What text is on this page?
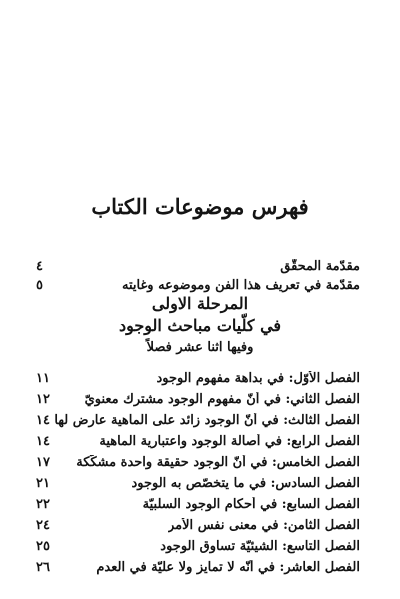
فهرس موضوعات الكتاب
مقدّمة المحقّق
٤
مقدّمة في تعريف هذا الفن وموضوعه وغايته
٥
المرحلة الاولى
في كلّيات مباحث الوجود
وفيها اثنا عشر فصلاً
الفصل الأوّل: في بداهة مفهوم الوجود
١١
الفصل الثاني: في أنّ مفهوم الوجود مشترك معنويّ
١٢
الفصل الثالث: في أنّ الوجود زائد على الماهية عارض لها
١٤
الفصل الرابع: في أصالة الوجود واعتبارية الماهية
١٤
الفصل الخامس: في أنّ الوجود حقيقة واحدة مشكّكة
١٧
الفصل السادس: في ما يتخصّص به الوجود
٢١
الفصل السابع: في أحكام الوجود السلبيّة
٢٢
الفصل الثامن: في معنى نفس الأمر
٢٤
الفصل التاسع: الشيئيّة تساوق الوجود
٢٥
الفصل العاشر: في أنّه لا تمايز ولا عليّة في العدم
٢٦
